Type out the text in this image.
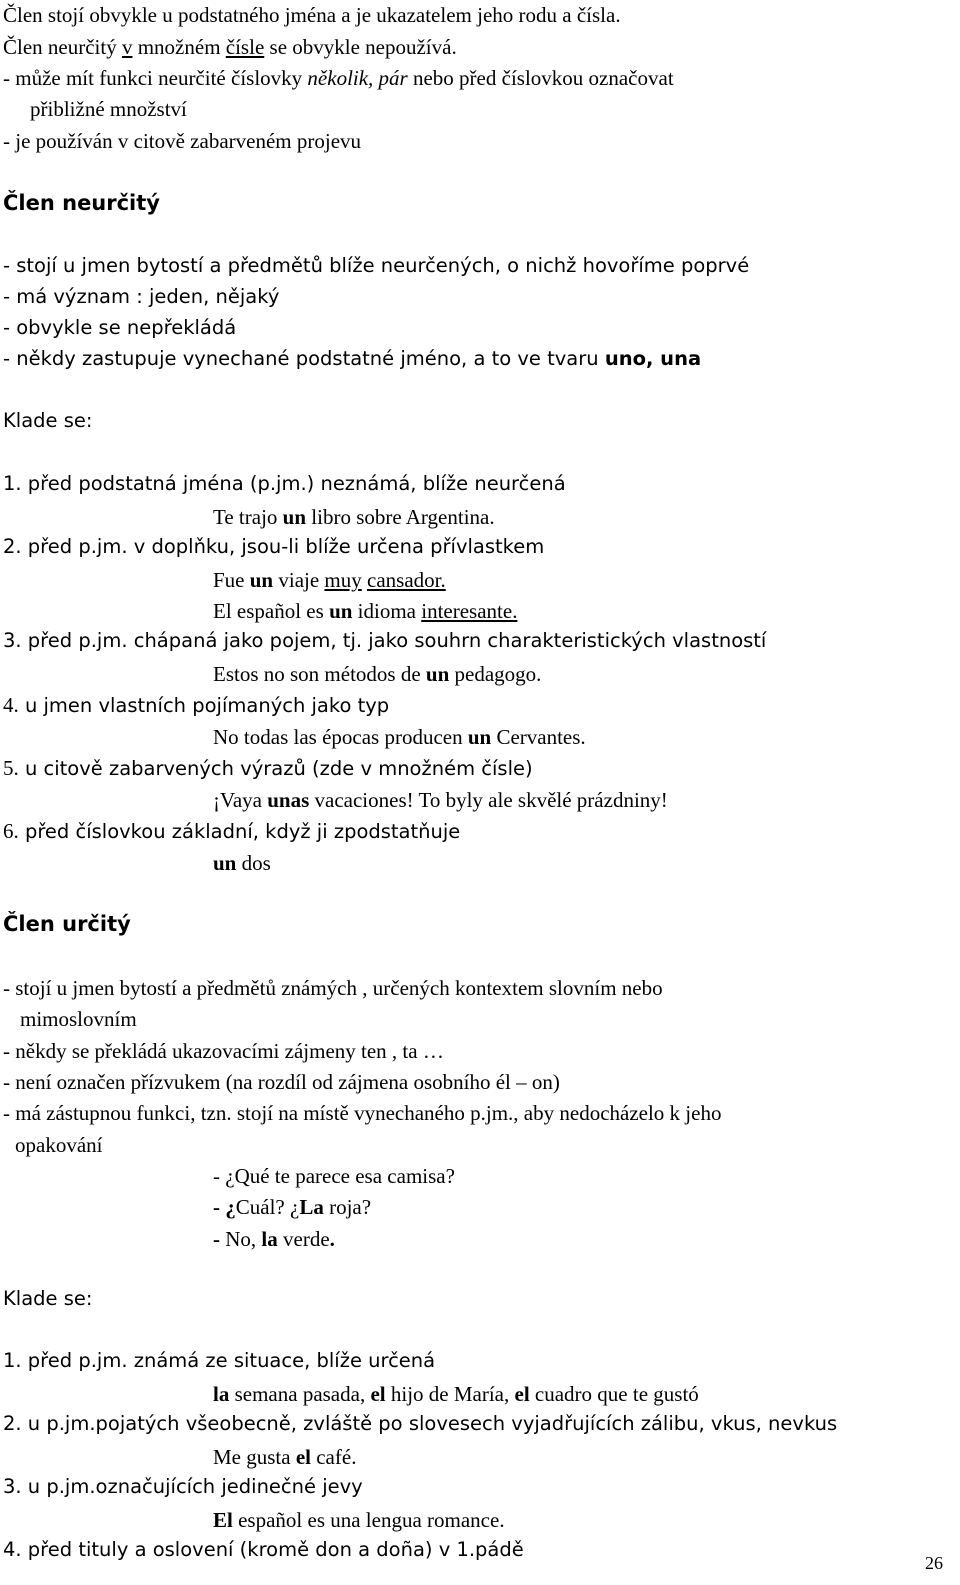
Člen stojí obvykle u podstatného jména a je ukazatelem jeho rodu a čísla.
Člen neurčitý v množném čísle se obvykle nepoužívá.
- může mít funkci neurčité číslovky několik, pár nebo před číslovkou označovat
přibližné množství
- je používán v citově zabarveném projevu
Člen neurčitý
- stojí u jmen bytostí a předmětů blíže neurčených, o nichž hovoříme poprvé
- má význam : jeden, nějaký
- obvykle se nepřekládá
- někdy zastupuje vynechané podstatné jméno, a to ve tvaru uno, una
Klade se:
1. před podstatná jména (p.jm.) neznámá, blíže neurčená
Te trajo un libro sobre Argentina.
2. před p.jm. v doplňku, jsou-li blíže určena přívlastkem
Fue un viaje muy cansador.
El español es un idioma interesante.
3. před p.jm. chápaná jako pojem, tj. jako souhrn charakteristických vlastností
Estos no son métodos de un pedagogo.
4. u jmen vlastních pojímaných jako typ
No todas las épocas producen un Cervantes.
5. u citově zabarvených výrazů (zde v množném čísle)
¡Vaya unas vacaciones! To byly ale skvělé prázdniny!
6. před číslovkou základní, když ji zpodstatňuje
un dos
Člen určitý
- stojí u jmen bytostí a předmětů známých , určených kontextem slovním nebo
mimoslovním
- někdy se překládá ukazovacími zájmeny ten , ta …
- není označen přízvukem (na rozdíl od zájmena osobního él – on)
- má zástupnou funkci, tzn. stojí na místě vynechaného p.jm., aby nedocházelo k jeho
opakování
- ¿Qué te parece esa camisa?
- ¿Cuál? ¿La roja?
- No, la verde.
Klade se:
1. před p.jm. známá ze situace, blíže určená
la semana pasada, el hijo de María, el cuadro que te gustó
2. u p.jm.pojatých všeobecně, zvláště po slovesech vyjadřujících zálibu, vkus, nevkus
Me gusta el café.
3. u p.jm.označujících jedinečné jevy
El español es una lengua romance.
4. před tituly a oslovení (kromě don a doña) v 1.pádě
26
